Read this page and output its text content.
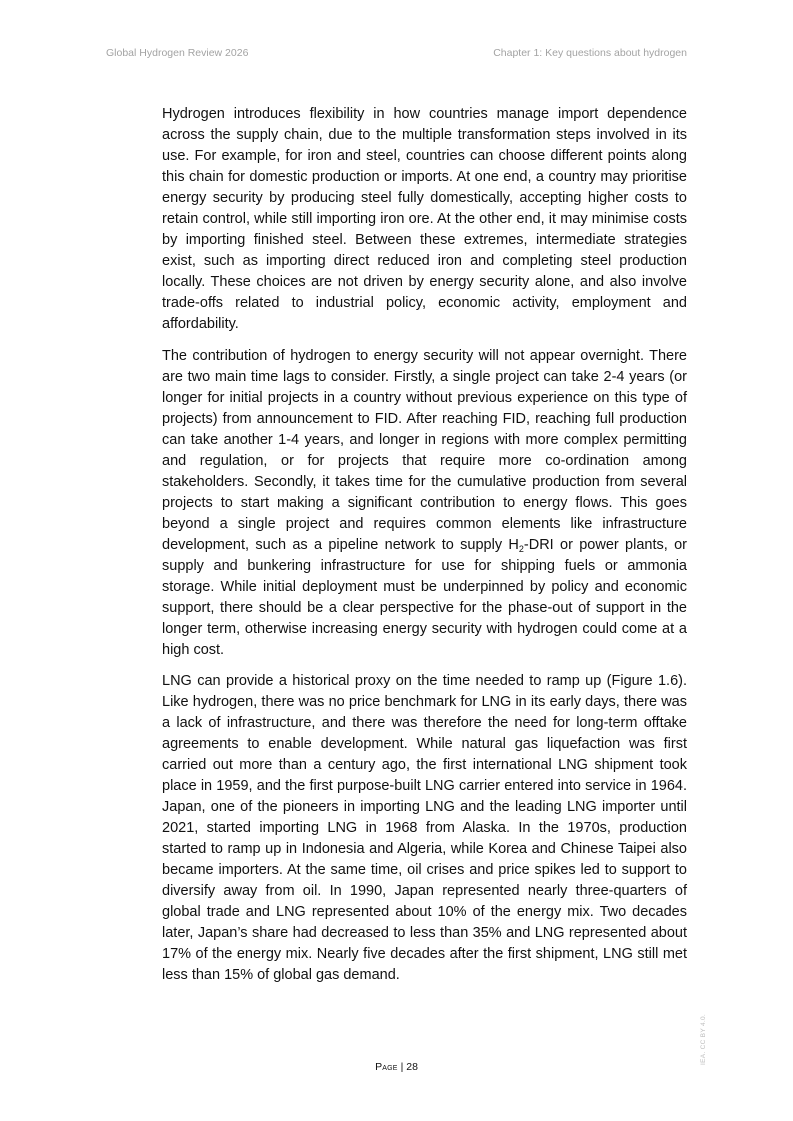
Global Hydrogen Review 2026	Chapter 1: Key questions about hydrogen

Hydrogen introduces flexibility in how countries manage import dependence across the supply chain, due to the multiple transformation steps involved in its use. For example, for iron and steel, countries can choose different points along this chain for domestic production or imports. At one end, a country may prioritise energy security by producing steel fully domestically, accepting higher costs to retain control, while still importing iron ore. At the other end, it may minimise costs by importing finished steel. Between these extremes, intermediate strategies exist, such as importing direct reduced iron and completing steel production locally. These choices are not driven by energy security alone, and also involve trade-offs related to industrial policy, economic activity, employment and affordability.

The contribution of hydrogen to energy security will not appear overnight. There are two main time lags to consider. Firstly, a single project can take 2-4 years (or longer for initial projects in a country without previous experience on this type of projects) from announcement to FID. After reaching FID, reaching full production can take another 1-4 years, and longer in regions with more complex permitting and regulation, or for projects that require more co-ordination among stakeholders. Secondly, it takes time for the cumulative production from several projects to start making a significant contribution to energy flows. This goes beyond a single project and requires common elements like infrastructure development, such as a pipeline network to supply $H_2$-DRI or power plants, or supply and bunkering infrastructure for use for shipping fuels or ammonia storage. While initial deployment must be underpinned by policy and economic support, there should be a clear perspective for the phase-out of support in the longer term, otherwise increasing energy security with hydrogen could come at a high cost.

LNG can provide a historical proxy on the time needed to ramp up (Figure 1.6). Like hydrogen, there was no price benchmark for LNG in its early days, there was a lack of infrastructure, and there was therefore the need for long-term offtake agreements to enable development. While natural gas liquefaction was first carried out more than a century ago, the first international LNG shipment took place in 1959, and the first purpose-built LNG carrier entered into service in 1964. Japan, one of the pioneers in importing LNG and the leading LNG importer until 2021, started importing LNG in 1968 from Alaska. In the 1970s, production started to ramp up in Indonesia and Algeria, while Korea and Chinese Taipei also became importers. At the same time, oil crises and price spikes led to support to diversify away from oil. In 1990, Japan represented nearly three-quarters of global trade and LNG represented about 10% of the energy mix. Two decades later, Japan’s share had decreased to less than 35% and LNG represented about 17% of the energy mix. Nearly five decades after the first shipment, LNG still met less than 15% of global gas demand.

Page | 28
IEA. CC BY 4.0.
